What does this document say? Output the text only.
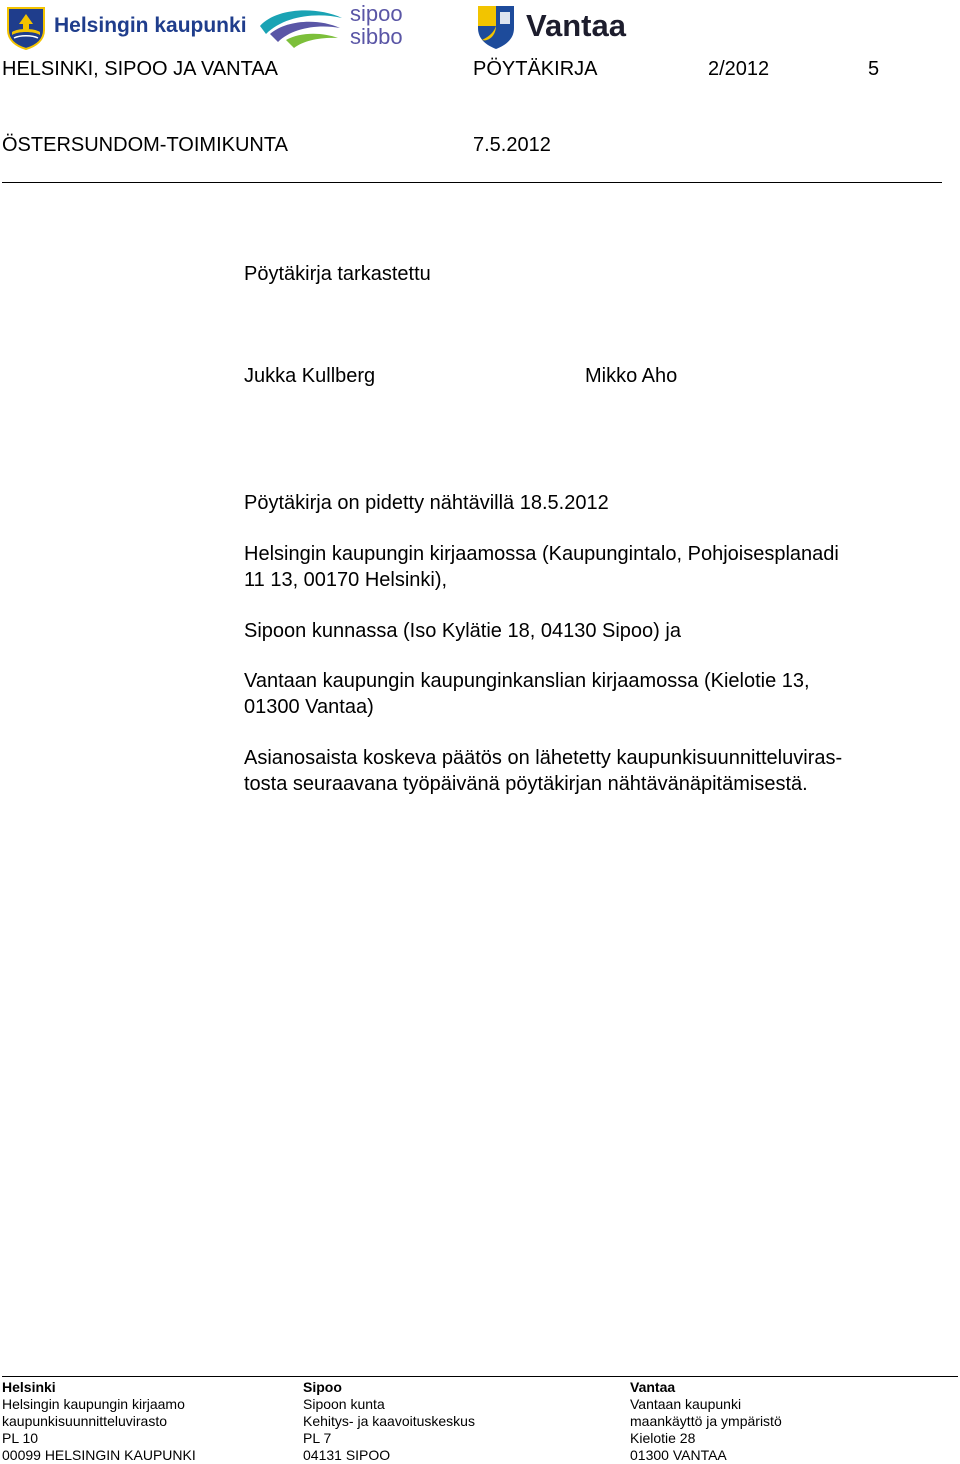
Helsingin kaupunki	sipoo
sibbo	Vantaa
HELSINKI, SIPOO JA VANTAA	PÖYTÄKIRJA	2/2012	5
ÖSTERSUNDOM-TOIMIKUNTA	7.5.2012
Pöytäkirja tarkastettu
Jukka Kullberg	Mikko Aho
Pöytäkirja on pidetty nähtävillä 18.5.2012
Helsingin kaupungin kirjaamossa (Kaupungintalo, Pohjoisesplanadi
11 13, 00170 Helsinki),
Sipoon kunnassa (Iso Kylätie 18, 04130 Sipoo) ja
Vantaan kaupungin kaupunginkanslian kirjaamossa (Kielotie 13,
01300 Vantaa)
Asianosaista koskeva päätös on lähetetty kaupunkisuunnitteluviras-
tosta seuraavana työpäivänä pöytäkirjan nähtävänäpitämisestä.
Helsinki
Helsingin kaupungin kirjaamo
kaupunkisuunnitteluvirasto
PL 10
00099 HELSINGIN KAUPUNKI
Sipoo
Sipoon kunta
Kehitys- ja kaavoituskeskus
PL 7
04131 SIPOO
Vantaa
Vantaan kaupunki
maankäyttö ja ympäristö
Kielotie 28
01300 VANTAA
